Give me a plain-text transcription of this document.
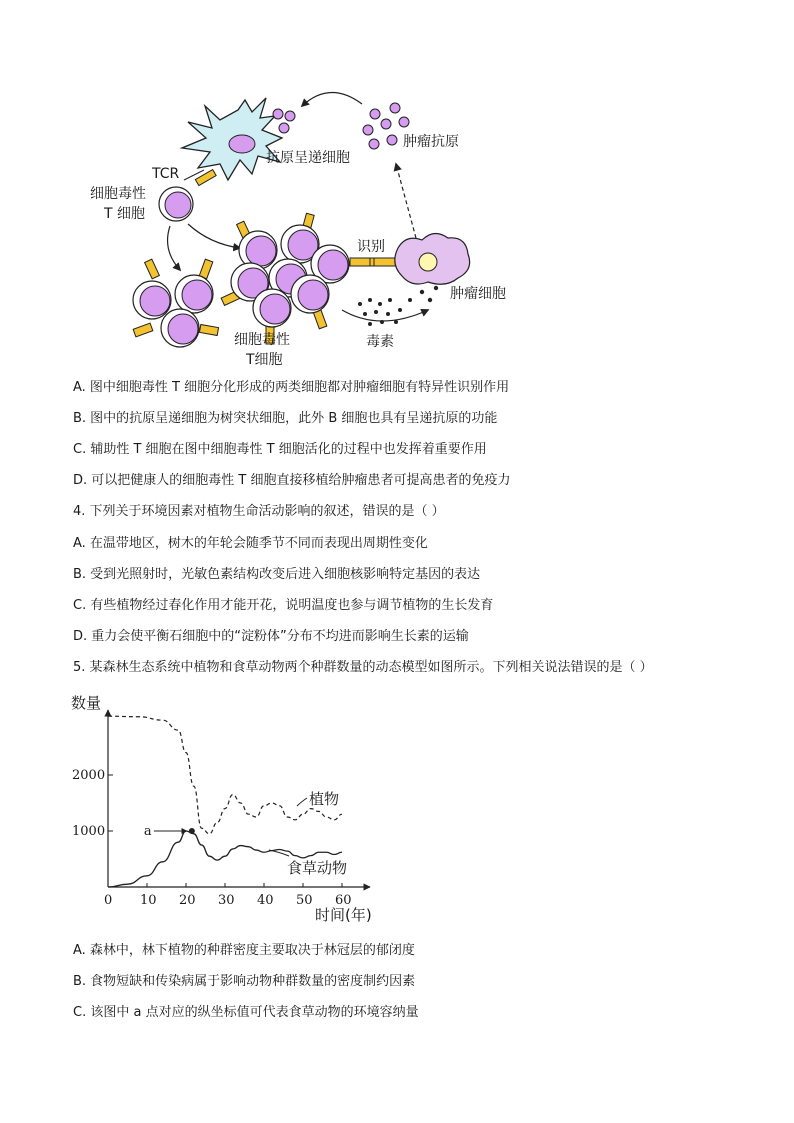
抗原呈递细胞
肿瘤抗原
TCR
细胞毒性
T 细胞
识别
肿瘤细胞
毒素
细胞毒性
T细胞
A. 图中细胞毒性 T 细胞分化形成的两类细胞都对肿瘤细胞有特异性识别作用
B. 图中的抗原呈递细胞为树突状细胞，此外 B 细胞也具有呈递抗原的功能
C. 辅助性 T 细胞在图中细胞毒性 T 细胞活化的过程中也发挥着重要作用
D. 可以把健康人的细胞毒性 T 细胞直接移植给肿瘤患者可提高患者的免疫力
4. 下列关于环境因素对植物生命活动影响的叙述，错误的是（ ）
A. 在温带地区，树木的年轮会随季节不同而表现出周期性变化
B. 受到光照射时，光敏色素结构改变后进入细胞核影响特定基因的表达
C. 有些植物经过春化作用才能开花，说明温度也参与调节植物的生长发育
D. 重力会使平衡石细胞中的“淀粉体”分布不均进而影响生长素的运输
5. 某森林生态系统中植物和食草动物两个种群数量的动态模型如图所示。下列相关说法错误的是（ ）
数量
时间(年)
0 10 20 30 40 50 60
1000
2000
植物
食草动物
a
A. 森林中，林下植物的种群密度主要取决于林冠层的郁闭度
B. 食物短缺和传染病属于影响动物种群数量的密度制约因素
C. 该图中 a 点对应的纵坐标值可代表食草动物的环境容纳量
